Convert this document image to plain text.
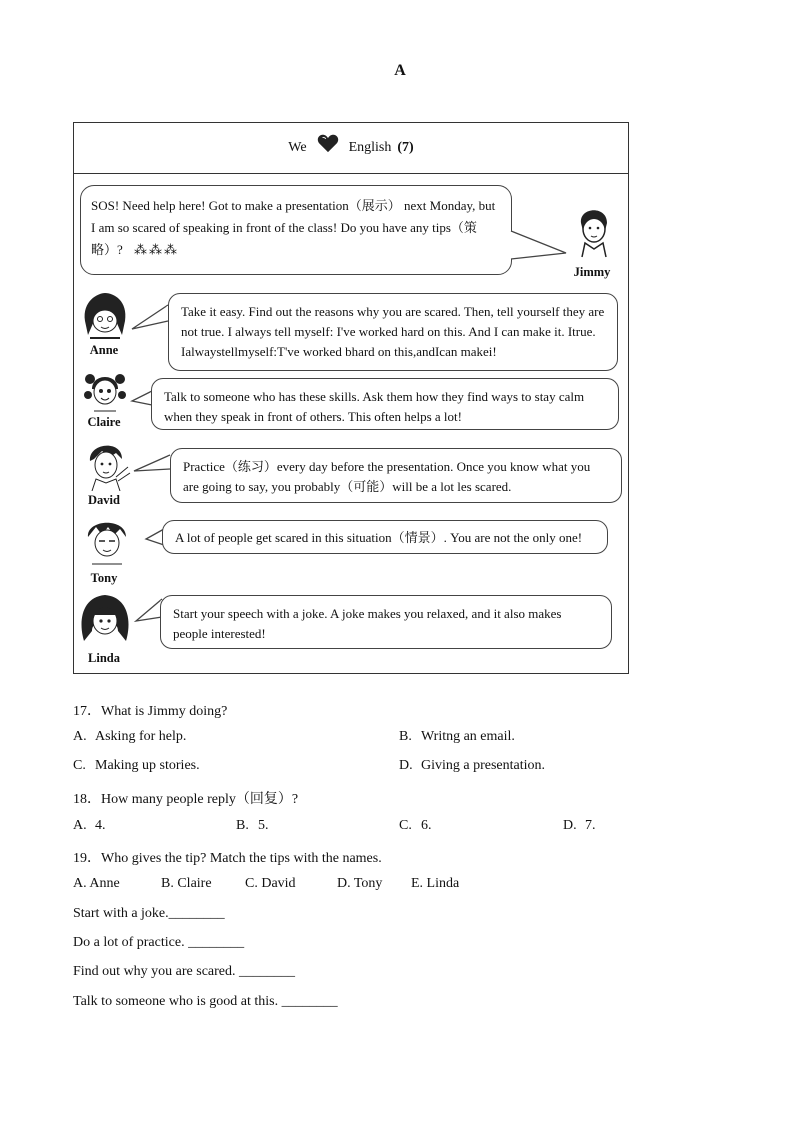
A
We	English (7)
SOS! Need help here! Got to make a presentation（展示） next Monday, but I am so scared of speaking in front of the class! Do you have any tips（策略）? ⁂⁂⁂
Jimmy
Anne
Take it easy. Find out the reasons why you are scared. Then, tell yourself they are not true. I always tell myself: I've worked hard on this. And I can make it. Itrue. Ialwaystellmyself:T've worked bhard on this,andIcan makei!
Claire
Talk to someone who has these skills. Ask them how they find ways to stay calm when they speak in front of others. This often helps a lot!
David
Practice（练习）every day before the presentation. Once you know what you are going to say, you probably（可能）will be a lot les scared.
Tony
A lot of people get scared in this situation（情景）. You are not the only one!
Linda
Start your speech with a joke. A joke makes you relaxed, and it also makes people interested!
17．What is Jimmy doing?
A. Asking for help.	B. Writng an email.
C. Making up stories.	D. Giving a presentation.
18．How many people reply（回复）?
A. 4.	B. 5.	C. 6.	D. 7.
19．Who gives the tip? Match the tips with the names.
A. Anne	B. Claire C. David	D. Tony E. Linda
Start with a joke.________
Do a lot of practice. ________
Find out why you are scared. ________
Talk to someone who is good at this. ________
